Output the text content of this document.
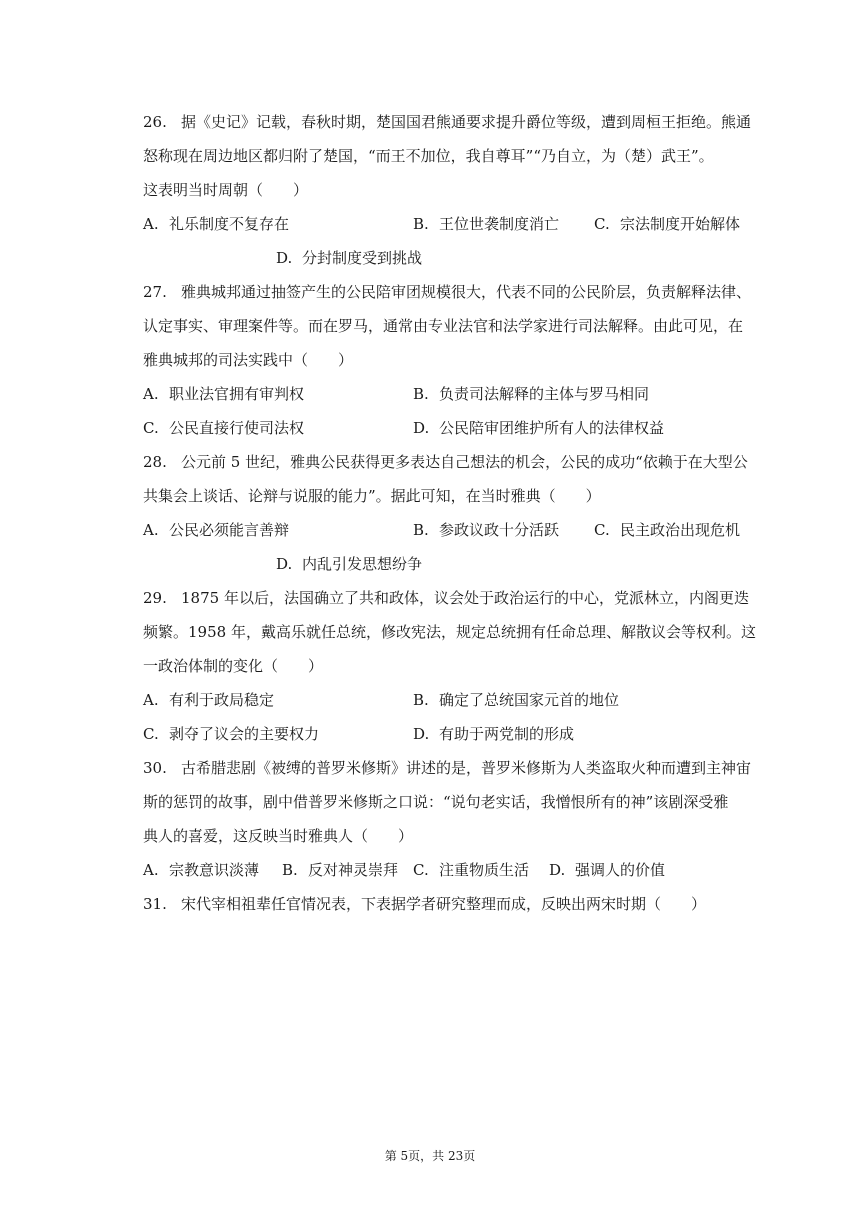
26. 据《史记》记载，春秋时期，楚国国君熊通要求提升爵位等级，遭到周桓王拒绝。熊通
怒称现在周边地区都归附了楚国，“而王不加位，我自尊耳”“乃自立，为（楚）武王”。
这表明当时周朝（　　）
A. 礼乐制度不复存在	B. 王位世袭制度消亡 C. 宗法制度开始解体
D. 分封制度受到挑战
27. 雅典城邦通过抽签产生的公民陪审团规模很大，代表不同的公民阶层，负责解释法律、
认定事实、审理案件等。而在罗马，通常由专业法官和法学家进行司法解释。由此可见，在
雅典城邦的司法实践中（　　）
A. 职业法官拥有审判权	B. 负责司法解释的主体与罗马相同
C. 公民直接行使司法权	D. 公民陪审团维护所有人的法律权益
28. 公元前 5 世纪，雅典公民获得更多表达自己想法的机会，公民的成功“依赖于在大型公
共集会上谈话、论辩与说服的能力”。据此可知，在当时雅典（　　）
A. 公民必须能言善辩	B. 参政议政十分活跃 C. 民主政治出现危机
D. 内乱引发思想纷争
29. 1875 年以后，法国确立了共和政体，议会处于政治运行的中心，党派林立，内阁更迭
频繁。1958 年，戴高乐就任总统，修改宪法，规定总统拥有任命总理、解散议会等权利。这
一政治体制的变化（　　）
A. 有利于政局稳定	B. 确定了总统国家元首的地位
C. 剥夺了议会的主要权力	D. 有助于两党制的形成
30. 古希腊悲剧《被缚的普罗米修斯》讲述的是，普罗米修斯为人类盗取火种而遭到主神宙
斯的惩罚的故事，剧中借普罗米修斯之口说：“说句老实话，我憎恨所有的神”该剧深受雅
典人的喜爱，这反映当时雅典人（　　）
A. 宗教意识淡薄 B. 反对神灵崇拜 C. 注重物质生活 D. 强调人的价值
31. 宋代宰相祖辈任官情况表，下表据学者研究整理而成，反映出两宋时期（　　）
第 5页，共 23页
